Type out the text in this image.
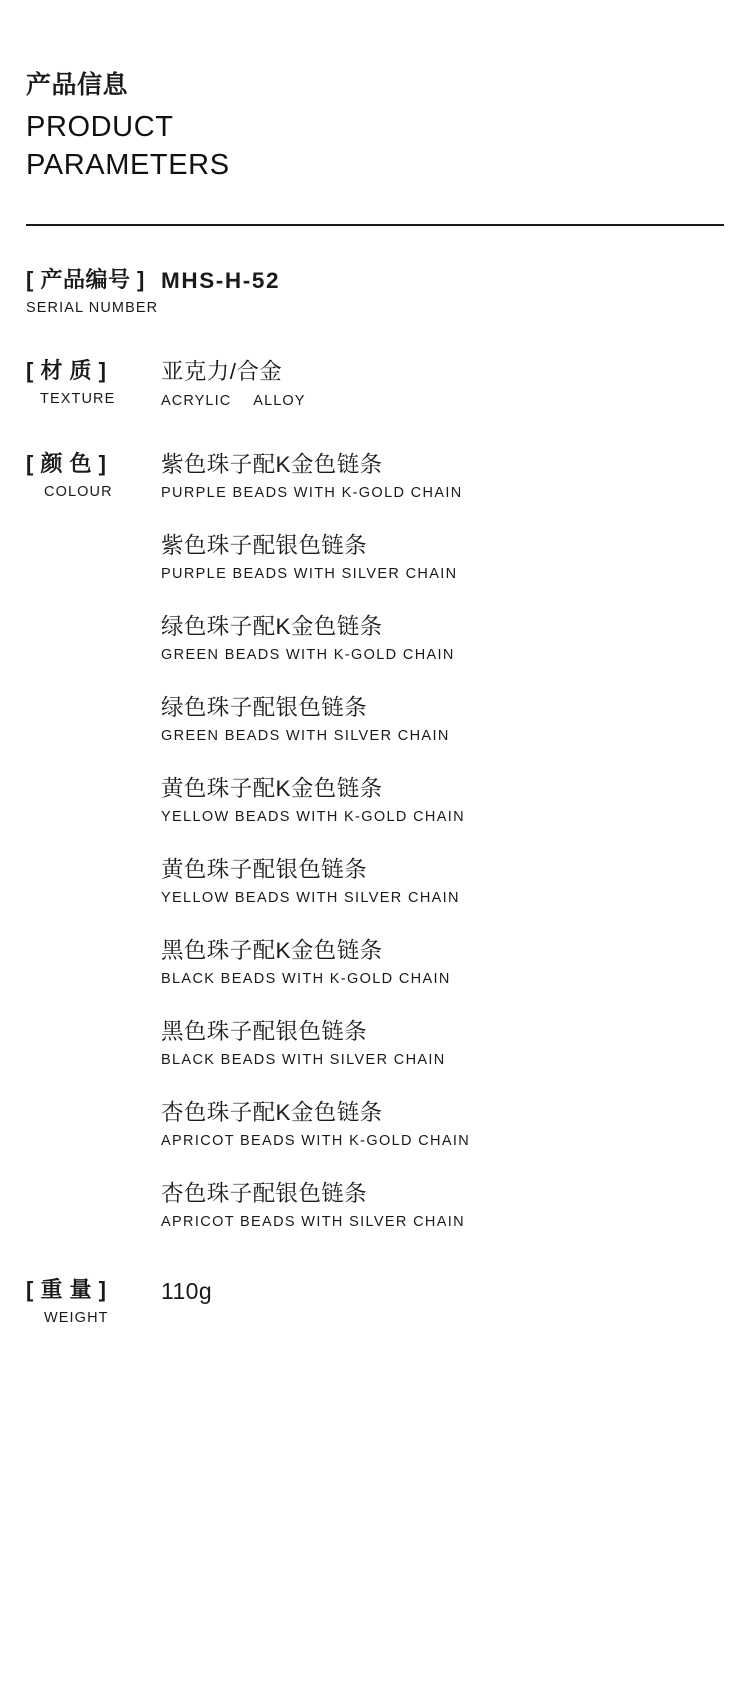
产品信息
PRODUCT
PARAMETERS
[ 产品编号 ]
SERIAL NUMBER
MHS-H-52
[ 材 质 ]
TEXTURE
亚克力/合金
ACRYLIC ALLOY
[ 颜 色 ]
COLOUR
紫色珠子配K金色链条
PURPLE BEADS WITH K-GOLD CHAIN
紫色珠子配银色链条
PURPLE BEADS WITH SILVER CHAIN
绿色珠子配K金色链条
GREEN BEADS WITH K-GOLD CHAIN
绿色珠子配银色链条
GREEN BEADS WITH SILVER CHAIN
黄色珠子配K金色链条
YELLOW BEADS WITH K-GOLD CHAIN
黄色珠子配银色链条
YELLOW BEADS WITH SILVER CHAIN
黑色珠子配K金色链条
BLACK BEADS WITH K-GOLD CHAIN
黑色珠子配银色链条
BLACK BEADS WITH SILVER CHAIN
杏色珠子配K金色链条
APRICOT BEADS WITH K-GOLD CHAIN
杏色珠子配银色链条
APRICOT BEADS WITH SILVER CHAIN
[ 重 量 ]
WEIGHT
110g
